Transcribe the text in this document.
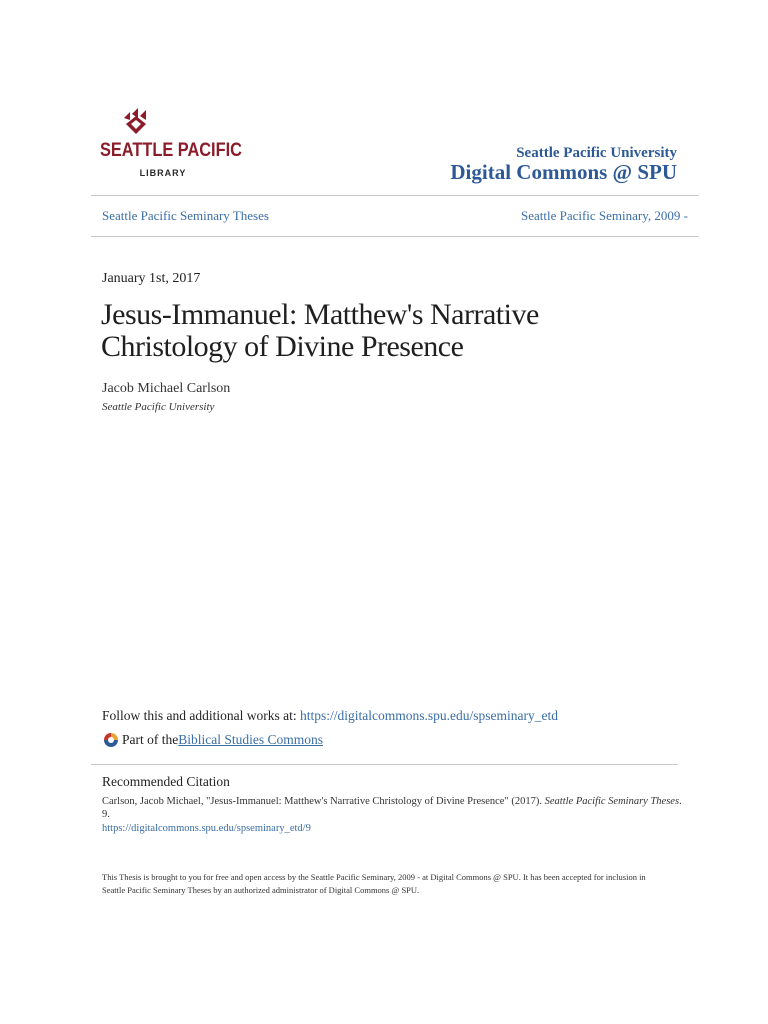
SEATTLE PACIFIC
LIBRARY
Seattle Pacific University
Digital Commons @ SPU
Seattle Pacific Seminary Theses	Seattle Pacific Seminary, 2009 -
January 1st, 2017
Jesus-Immanuel: Matthew's Narrative Christology of Divine Presence
Jacob Michael Carlson
Seattle Pacific University
Follow this and additional works at: https://digitalcommons.spu.edu/spseminary_etd
Part of the Biblical Studies Commons
Recommended Citation
Carlson, Jacob Michael, "Jesus-Immanuel: Matthew's Narrative Christology of Divine Presence" (2017). Seattle Pacific Seminary Theses. 9.
https://digitalcommons.spu.edu/spseminary_etd/9
This Thesis is brought to you for free and open access by the Seattle Pacific Seminary, 2009 - at Digital Commons @ SPU. It has been accepted for inclusion in Seattle Pacific Seminary Theses by an authorized administrator of Digital Commons @ SPU.
